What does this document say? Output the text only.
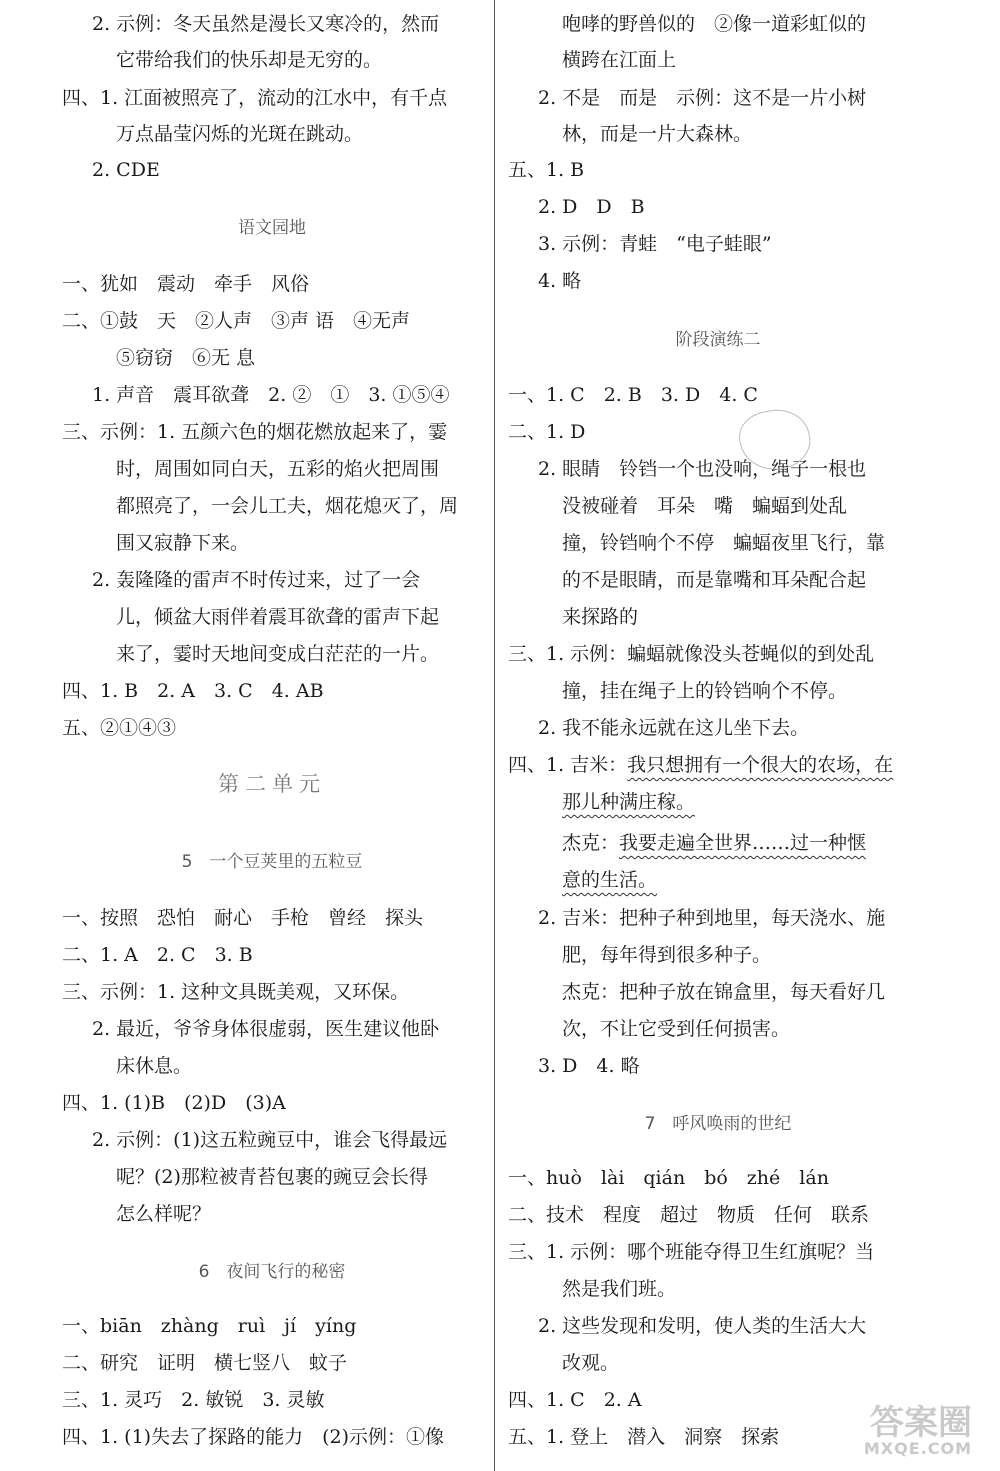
2. 示例：冬天虽然是漫长又寒冷的，然而
它带给我们的快乐却是无穷的。
四、1. 江面被照亮了，流动的江水中，有千点
万点晶莹闪烁的光斑在跳动。
2. CDE
语文园地
一、犹如　震动　牵手　风俗
二、①鼓　天　②人声　③声 语　④无声
⑤窃窃　⑥无 息
1. 声音　震耳欲聋　2. ②　①　3. ①⑤④
三、示例：1. 五颜六色的烟花燃放起来了，霎
时，周围如同白天，五彩的焰火把周围
都照亮了，一会儿工夫，烟花熄灭了，周
围又寂静下来。
2. 轰隆隆的雷声不时传过来，过了一会
儿，倾盆大雨伴着震耳欲聋的雷声下起
来了，霎时天地间变成白茫茫的一片。
四、1. B　2. A　3. C　4. AB
五、②①④③
第二单元
5　一个豆荚里的五粒豆
一、按照　恐怕　耐心　手枪　曾经　探头
二、1. A　2. C　3. B
三、示例：1. 这种文具既美观，又环保。
2. 最近，爷爷身体很虚弱，医生建议他卧
床休息。
四、1. (1)B　(2)D　(3)A
2. 示例：(1)这五粒豌豆中，谁会飞得最远
呢？(2)那粒被青苔包裹的豌豆会长得
怎么样呢？
6　夜间飞行的秘密
一、biān　zhàng　ruì　jí　yíng
二、研究　证明　横七竖八　蚊子
三、1. 灵巧　2. 敏锐　3. 灵敏
四、1. (1)失去了探路的能力　(2)示例：①像
咆哮的野兽似的　②像一道彩虹似的
横跨在江面上
2. 不是　而是　示例：这不是一片小树
林，而是一片大森林。
五、1. B
2. D　D　B
3. 示例：青蛙　“电子蛙眼”
4. 略
阶段演练二
一、1. C　2. B　3. D　4. C
二、1. D
2. 眼睛　铃铛一个也没响，绳子一根也
没被碰着　耳朵　嘴　蝙蝠到处乱
撞，铃铛响个不停　蝙蝠夜里飞行，靠
的不是眼睛，而是靠嘴和耳朵配合起
来探路的
三、1. 示例：蝙蝠就像没头苍蝇似的到处乱
撞，挂在绳子上的铃铛响个不停。
2. 我不能永远就在这儿坐下去。
四、1. 吉米：我只想拥有一个很大的农场，在
那儿种满庄稼。
杰克：我要走遍全世界……过一种惬
意的生活。
2. 吉米：把种子种到地里，每天浇水、施
肥，每年得到很多种子。
杰克：把种子放在锦盒里，每天看好几
次，不让它受到任何损害。
3. D　4. 略
7　呼风唤雨的世纪
一、huò　lài　qián　bó　zhé　lán
二、技术　程度　超过　物质　任何　联系
三、1. 示例：哪个班能夺得卫生红旗呢？当
然是我们班。
2. 这些发现和发明，使人类的生活大大
改观。
四、1. C　2. A
五、1. 登上　潜入　洞察　探索	答案圈
MXQE.COM
